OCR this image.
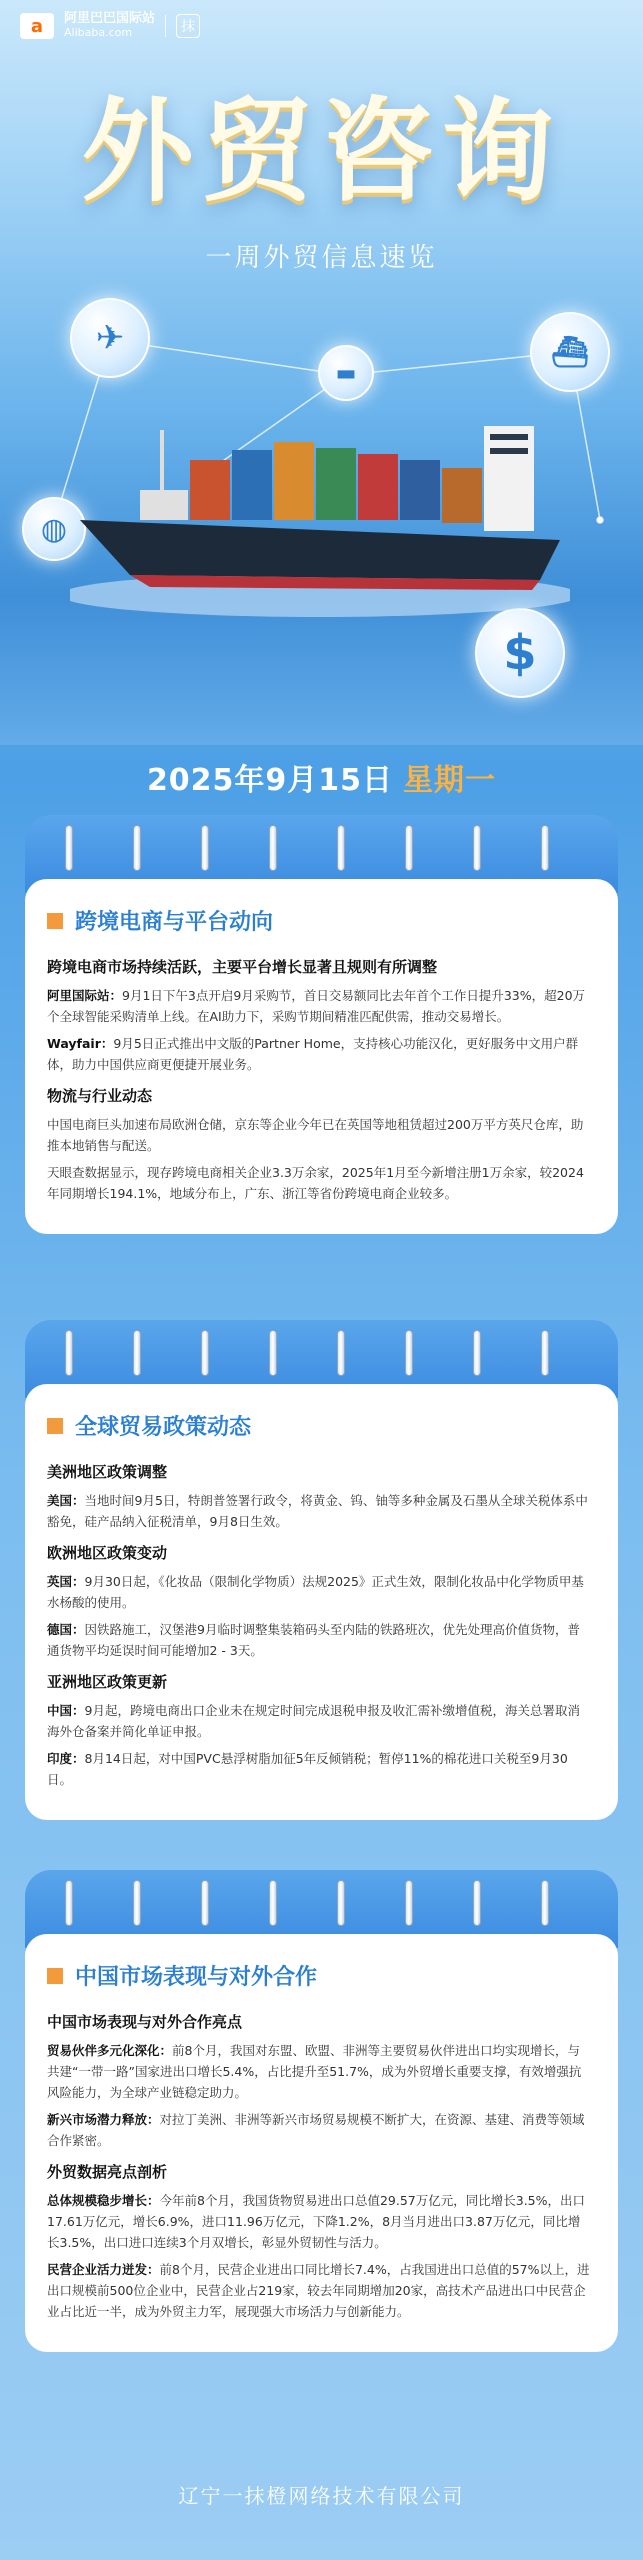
a	阿里巴巴国际站
Alibaba.com	抹
外贸咨询
一周外贸信息速览
✈
▬
⛴
◍
$
2025年9月15日 星期一
跨境电商与平台动向
跨境电商市场持续活跃，主要平台增长显著且规则有所调整

阿里国际站：9月1日下午3点开启9月采购节，首日交易额同比去年首个工作日提升33%，超20万个全球智能采购清单上线。在AI助力下，采购节期间精准匹配供需，推动交易增长。

Wayfair：9月5日正式推出中文版的Partner Home，支持核心功能汉化，更好服务中文用户群体，助力中国供应商更便捷开展业务。

物流与行业动态

中国电商巨头加速布局欧洲仓储，京东等企业今年已在英国等地租赁超过200万平方英尺仓库，助推本地销售与配送。

天眼查数据显示，现存跨境电商相关企业3.3万余家，2025年1月至今新增注册1万余家，较2024年同期增长194.1%，地域分布上，广东、浙江等省份跨境电商企业较多。

全球贸易政策动态
美洲地区政策调整

美国：当地时间9月5日，特朗普签署行政令，将黄金、钨、铀等多种金属及石墨从全球关税体系中豁免，硅产品纳入征税清单，9月8日生效。

欧洲地区政策变动

英国：9月30日起，《化妆品（限制化学物质）法规2025》正式生效，限制化妆品中化学物质甲基水杨酸的使用。

德国：因铁路施工，汉堡港9月临时调整集装箱码头至内陆的铁路班次，优先处理高价值货物，普通货物平均延误时间可能增加2 - 3天。

亚洲地区政策更新

中国：9月起，跨境电商出口企业未在规定时间完成退税申报及收汇需补缴增值税，海关总署取消海外仓备案并简化单证申报。

印度：8月14日起，对中国PVC悬浮树脂加征5年反倾销税；暂停11%的棉花进口关税至9月30日。

中国市场表现与对外合作
中国市场表现与对外合作亮点

贸易伙伴多元化深化：前8个月，我国对东盟、欧盟、非洲等主要贸易伙伴进出口均实现增长，与共建“一带一路”国家进出口增长5.4%，占比提升至51.7%，成为外贸增长重要支撑，有效增强抗风险能力，为全球产业链稳定助力。

新兴市场潜力释放：对拉丁美洲、非洲等新兴市场贸易规模不断扩大，在资源、基建、消费等领域合作紧密。

外贸数据亮点剖析

总体规模稳步增长：今年前8个月，我国货物贸易进出口总值29.57万亿元，同比增长3.5%，出口17.61万亿元，增长6.9%，进口11.96万亿元，下降1.2%，8月当月进出口3.87万亿元，同比增长3.5%，出口进口连续3个月双增长，彰显外贸韧性与活力。

民营企业活力迸发：前8个月，民营企业进出口同比增长7.4%，占我国进出口总值的57%以上，进出口规模前500位企业中，民营企业占219家，较去年同期增加20家，高技术产品进出口中民营企业占比近一半，成为外贸主力军，展现强大市场活力与创新能力。

辽宁一抹橙网络技术有限公司
